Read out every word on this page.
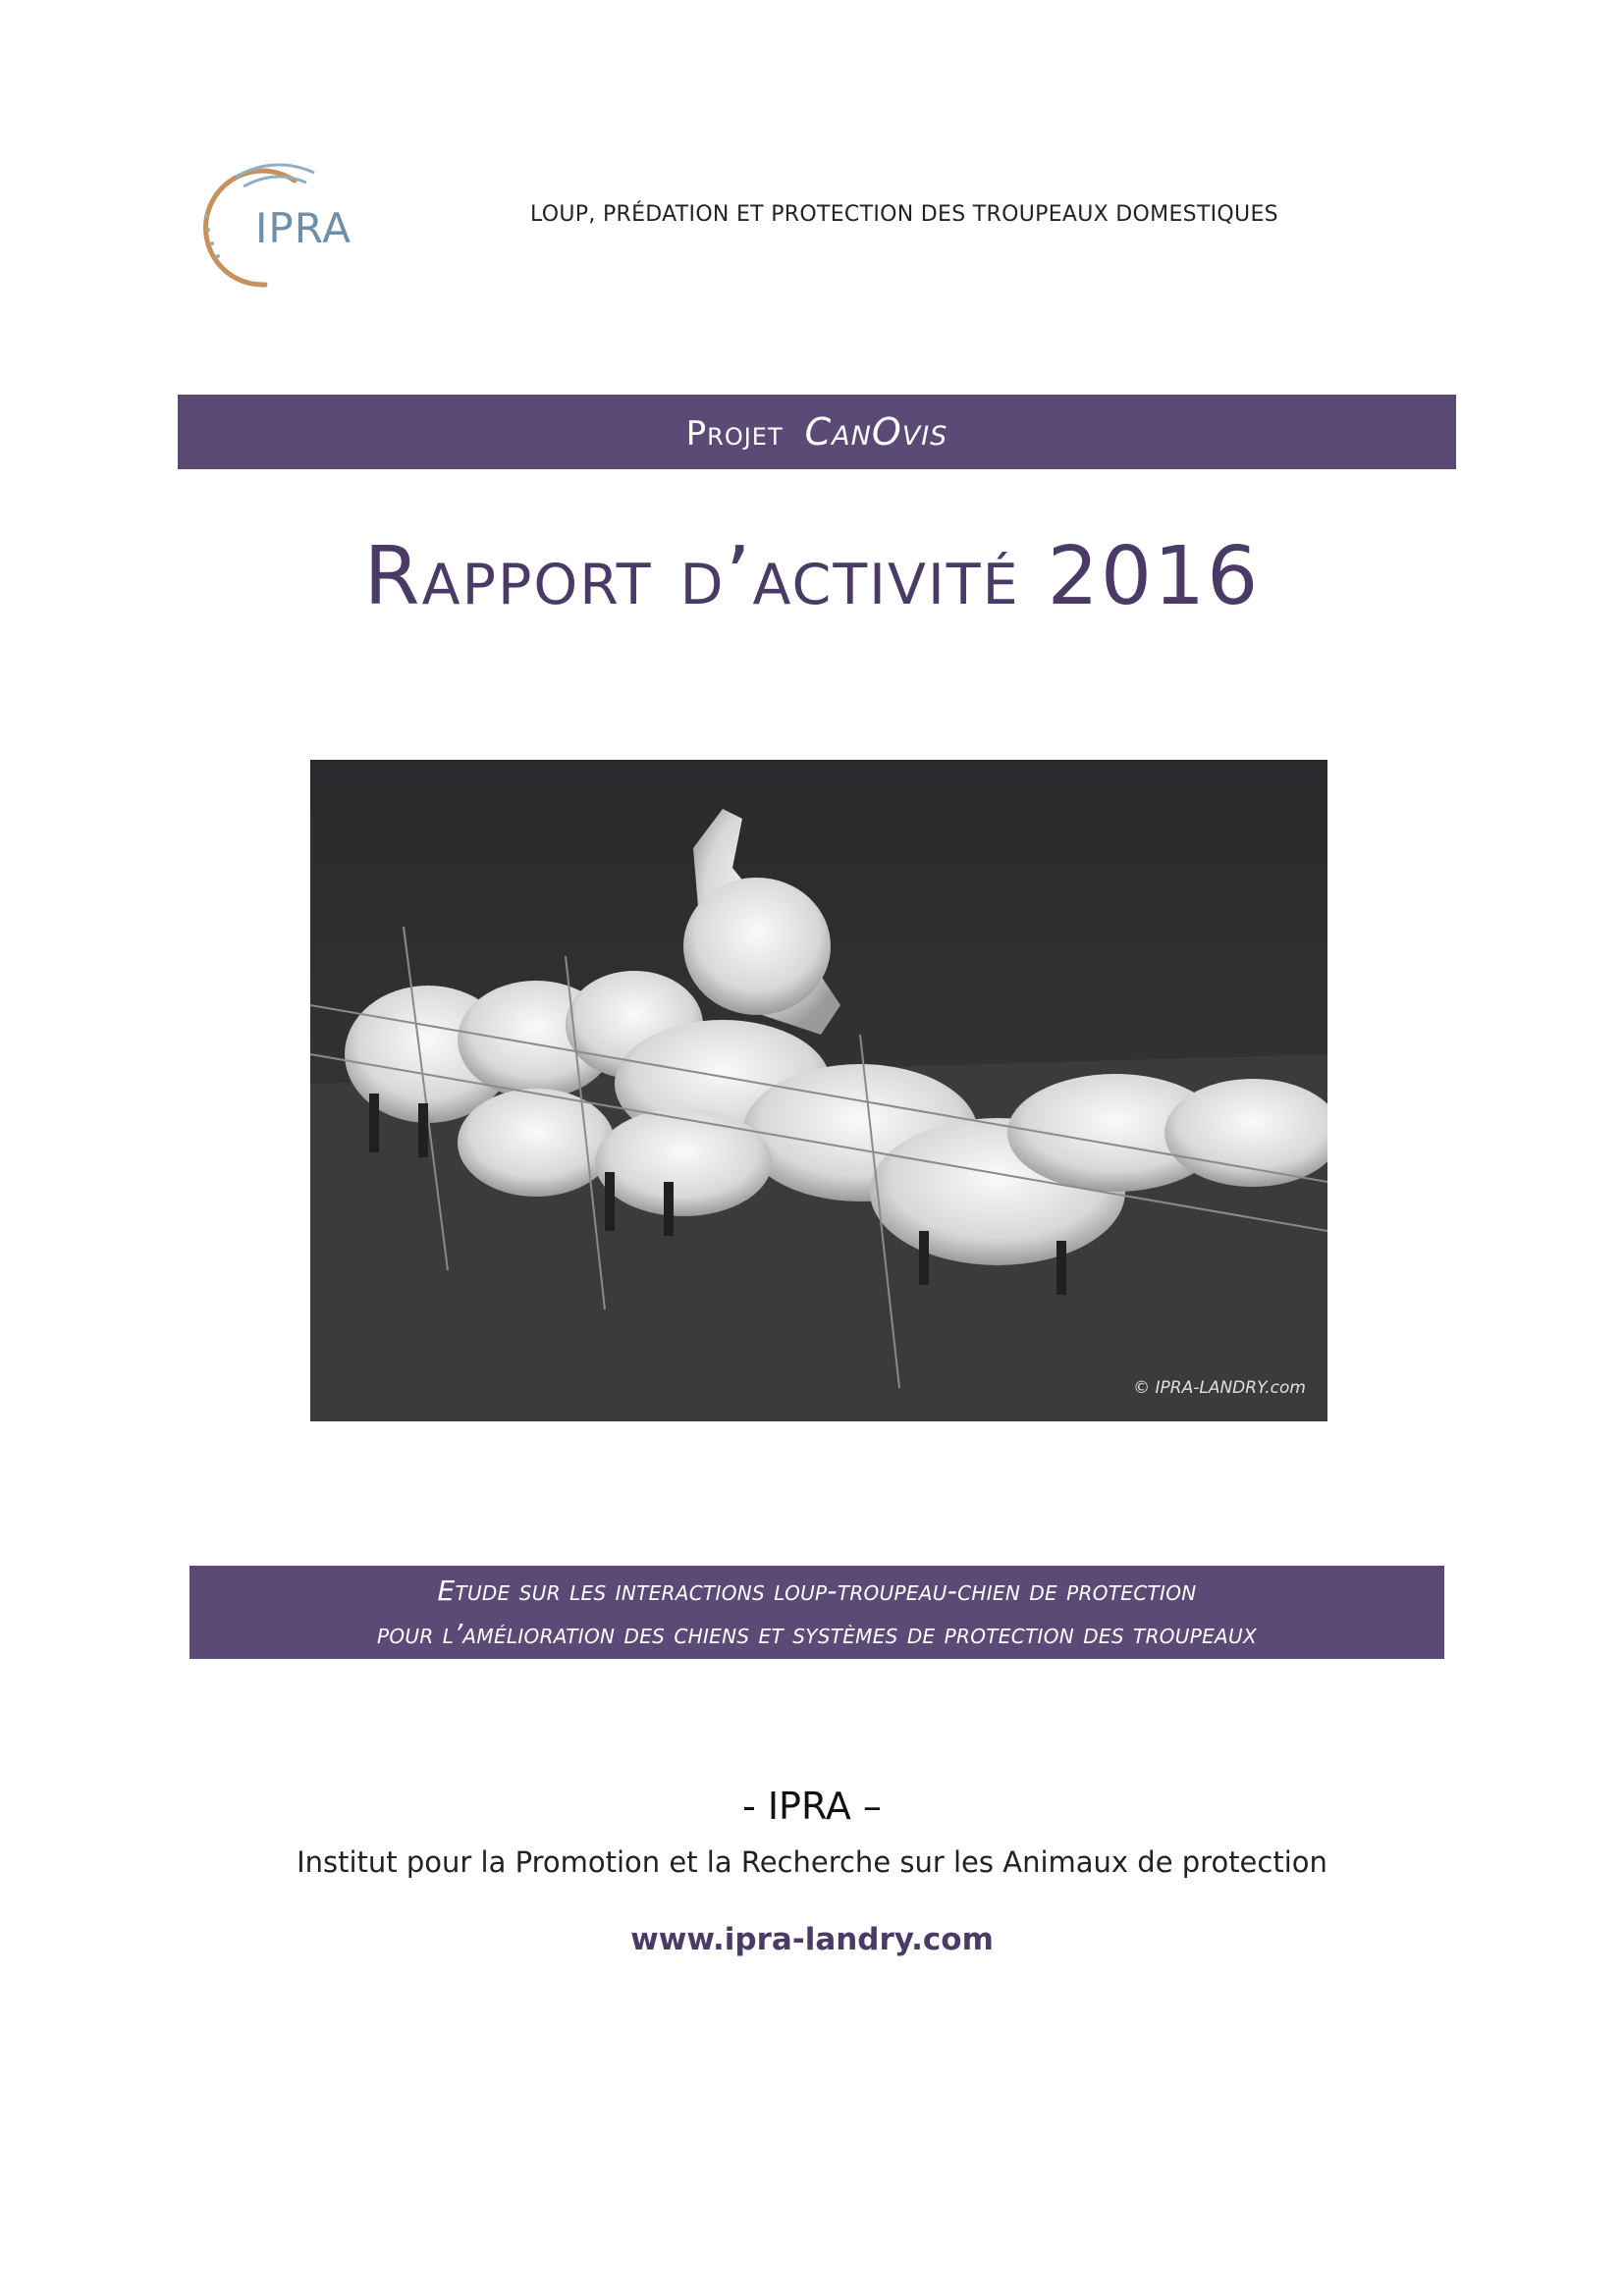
IPRA	LOUP, PRÉDATION ET PROTECTION DES TROUPEAUX DOMESTIQUES
Projet CanOvis
Rapport d’activité 2016
© IPRA-LANDRY.com
Etude sur les interactions loup-troupeau-chien de protection
pour l’amélioration des chiens et systèmes de protection des troupeaux
- IPRA –
Institut pour la Promotion et la Recherche sur les Animaux de protection
www.ipra-landry.com
